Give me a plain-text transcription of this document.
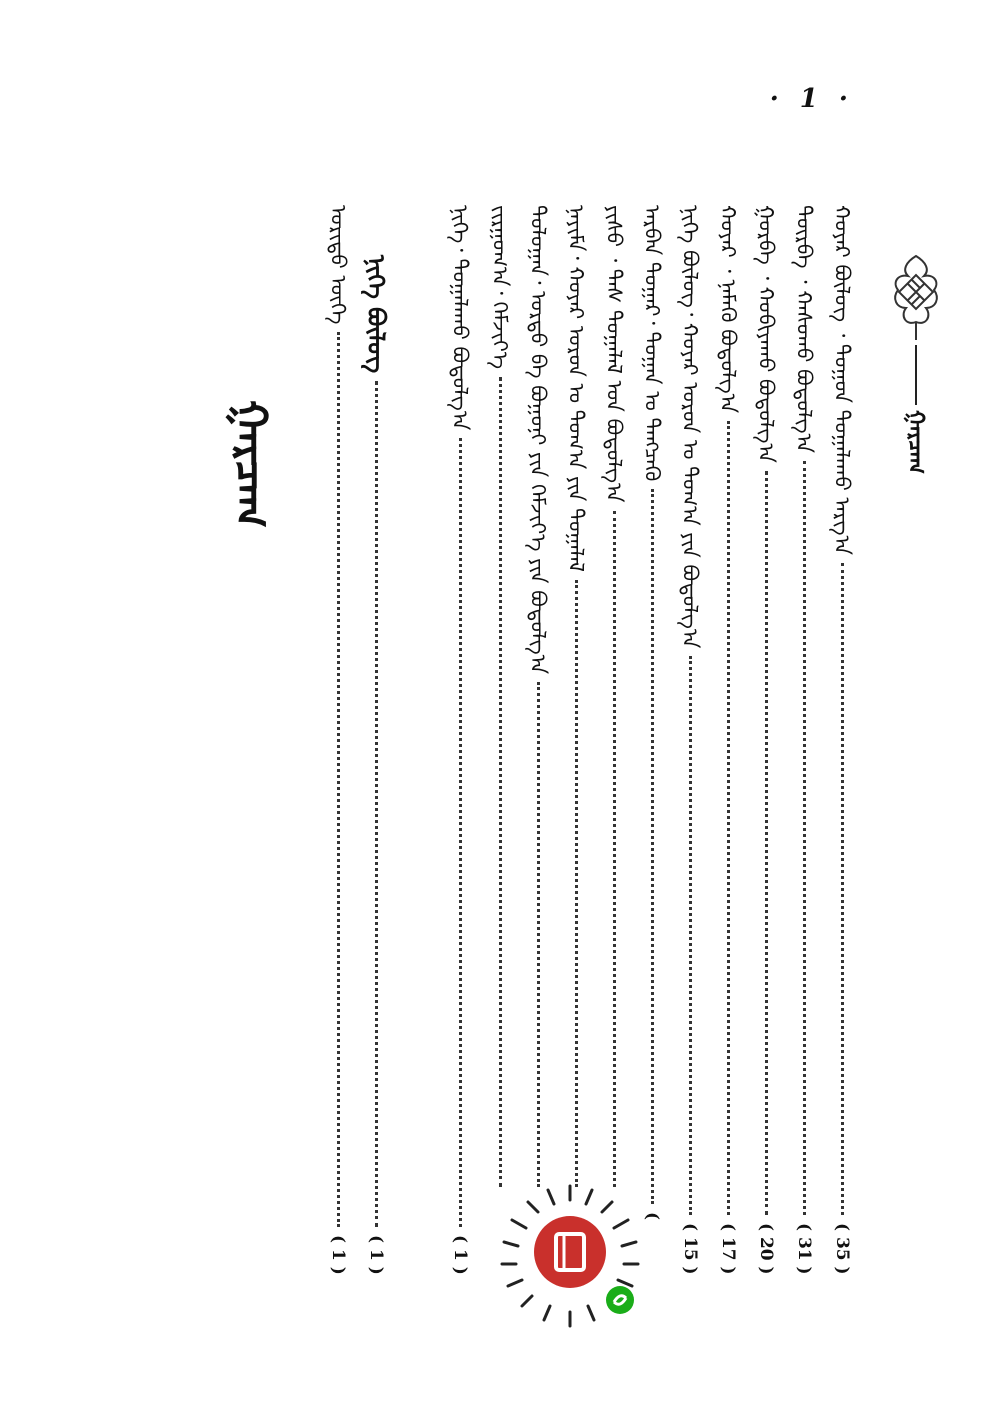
· 1 ·
ᠭᠠᠷᠴᠠᠭ
ᠭᠠᠷᠴᠠᠭ	ᠬᠣᠶᠠᠷ ᠪᠦᠯᠦᠭ ᠂ ᠲᠣᠭᠣᠨ ᠲᠣᠭᠠᠯᠠᠬᠤ ᠠᠷᠭ᠎ᠠ
( 35 )
ᠳᠥᠷᠪᠡ ᠂ ᠬᠠᠰᠤᠬᠤ ᠪᠣᠳᠤᠯᠭ᠎ᠠ
( 31 )
ᠭᠤᠷᠪᠠ ᠂ ᠬᠤᠪᠢᠶᠠᠬᠤ ᠪᠣᠳᠤᠯᠭ᠎ᠠ
( 20 )
ᠬᠣᠶᠠᠷ ᠂ ᠨᠡᠮᠡᠬᠦ ᠪᠣᠳᠤᠯᠭ᠎ᠠ
( 17 )
ᠨᠢᠭᠡ ᠪᠦᠯᠦᠭ᠂ ᠬᠣᠶᠠᠷ ᠣᠷᠣᠨ ᠤ ᠲᠣᠭ᠎ᠠ ᠶᠢᠨ ᠪᠣᠳᠤᠯᠭ᠎ᠠ
( 15 )
ᠠᠷᠪᠠᠨ ᠳᠤᠭᠠᠷ᠂ ᠲᠣᠭᠠᠨ ᠤ ᠲᠡᠩᠴᠡᠭᠦ
(
ᠶᠢᠰᠦ ᠂ ᠳᠡᠰ ᠲᠣᠭᠠᠯᠠᠯ ᠤᠨ ᠪᠣᠳᠤᠯᠭ᠎ᠠ
ᠨᠠᠶᠢᠮᠠ᠂ ᠬᠣᠶᠠᠷ ᠣᠷᠣᠨ ᠤ ᠲᠣᠭ᠎ᠠ ᠶᠢᠨ ᠲᠣᠭᠠᠯᠠᠯ
ᠲᠣᠯᠣᠭᠠᠨ᠂ ᠤᠷᠲᠤ ᠪᠠ ᠪᠣᠭᠣᠨᠢ ᠶᠢᠨ ᠬᠡᠮᠵᠢᠶ᠎ᠡ ᠶᠢᠨ ᠪᠣᠳᠤᠯᠭ᠎ᠠ
ᠵᠢᠷᠭᠤᠭ᠎ᠠ᠂ ᠬᠡᠮᠵᠢᠶ᠎ᠡ
ᠨᠢᠭᠡ᠂ ᠲᠣᠭᠠᠯᠠᠬᠤ ᠪᠣᠳᠤᠯᠭ᠎ᠠ
( 1 )
ᠨᠢᠭᠡ ᠪᠦᠯᠦᠭ
( 1 )
ᠤᠷᠢᠳᠤ ᠦᠭᠡ
( 1 )
